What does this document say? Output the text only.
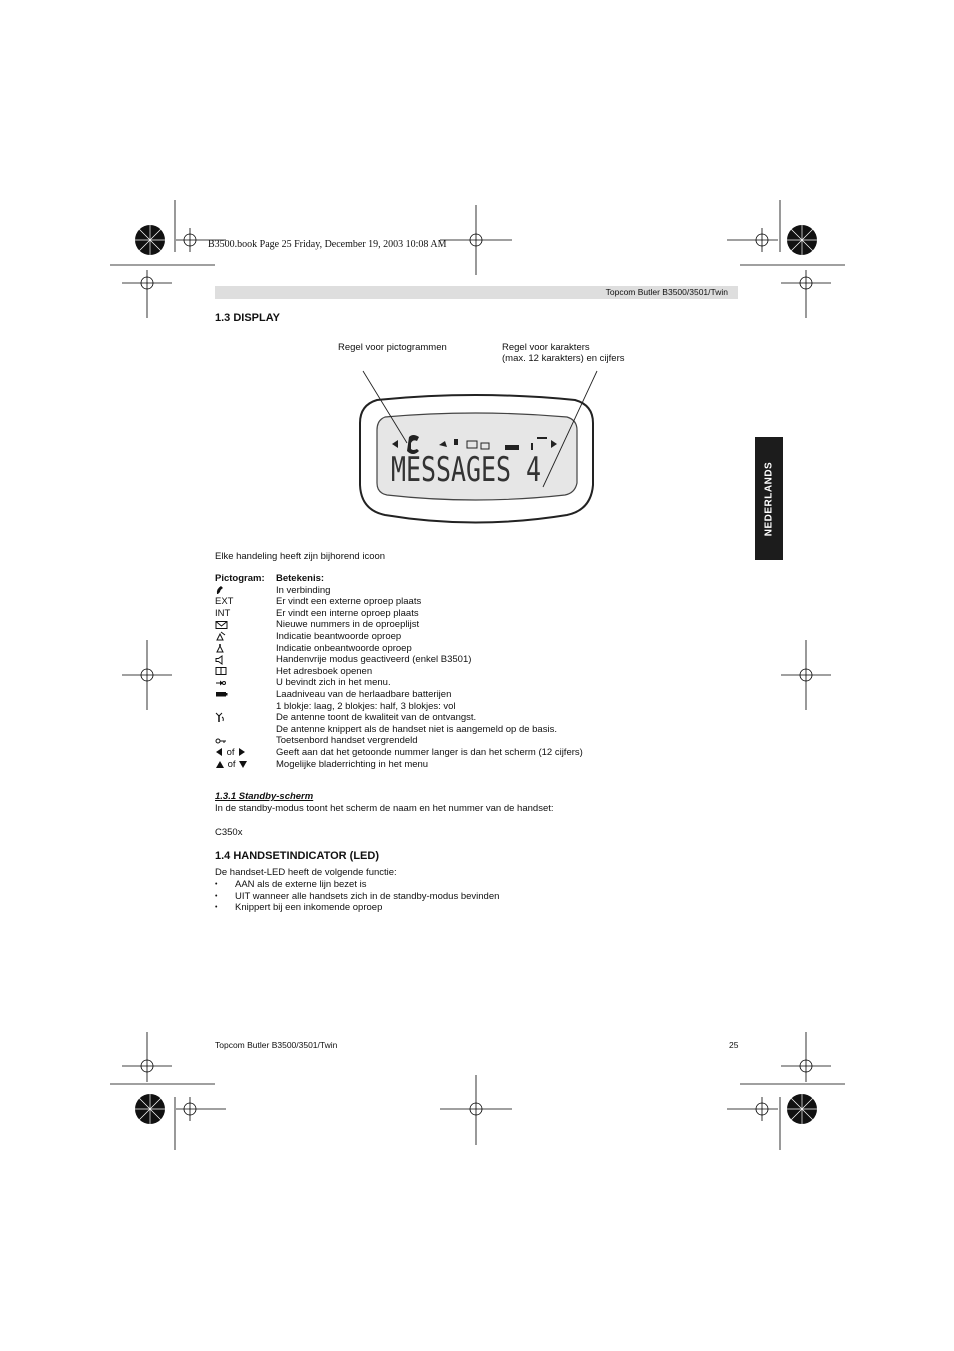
B3500.book Page 25 Friday, December 19, 2003 10:08 AM
Topcom Butler B3500/3501/Twin
1.3 DISPLAY
Regel voor pictogrammen	Regel voor karakters
(max. 12 karakters) en cijfers
MESSAGES 4	NEDERLANDS
Elke handeling heeft zijn bijhorend icoon
Pictogram:	Betekenis:
	In verbinding
EXT	Er vindt een externe oproep plaats
INT	Er vindt een interne oproep plaats
	Nieuwe nummers in de oproeplijst
	Indicatie beantwoorde oproep
	Indicatie onbeantwoorde oproep
	Handenvrije modus geactiveerd (enkel B3501)
	Het adresboek openen
	U bevindt zich in het menu.
	Laadniveau van de herlaadbare batterijen
	1 blokje: laag, 2 blokjes: half, 3 blokjes: vol
	De antenne toont de kwaliteit van de ontvangst.
	De antenne knippert als de handset niet is aangemeld op de basis.
	Toetsenbord handset vergrendeld
of	Geeft aan dat het getoonde nummer langer is dan het scherm (12 cijfers)
of	Mogelijke bladerrichting in het menu
1.3.1 Standby-scherm
In de standby-modus toont het scherm de naam en het nummer van de handset:
C350x
1.4 HANDSETINDICATOR (LED)
De handset-LED heeft de volgende functie:
• AAN als de externe lijn bezet is
• UIT wanneer alle handsets zich in de standby-modus bevinden
• Knippert bij een inkomende oproep
Topcom Butler B3500/3501/Twin	25
